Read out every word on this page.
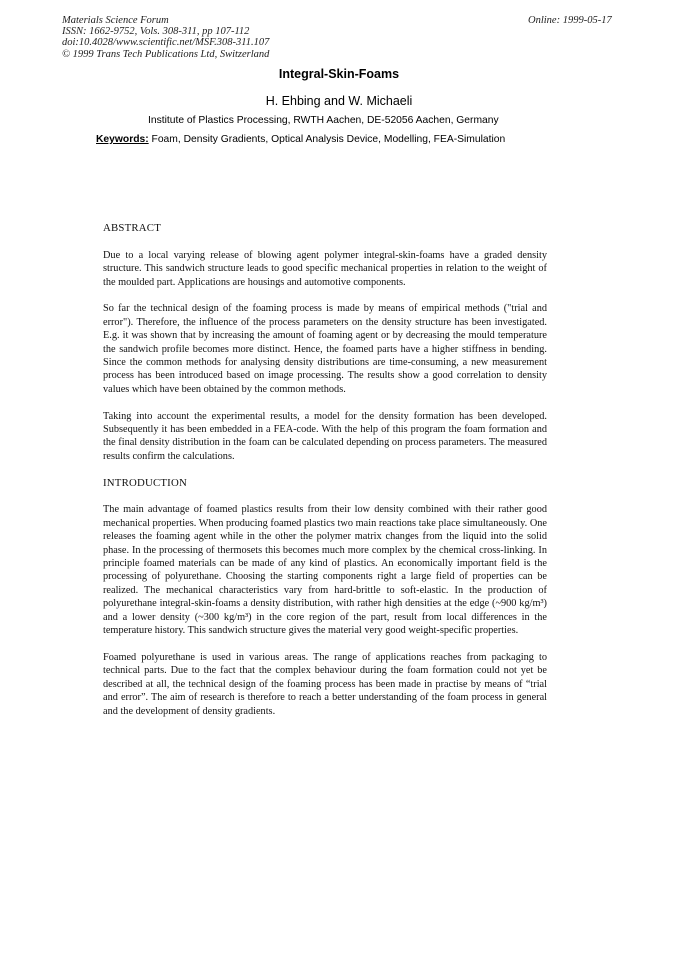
Materials Science Forum
ISSN: 1662-9752, Vols. 308-311, pp 107-112
doi:10.4028/www.scientific.net/MSF.308-311.107
© 1999 Trans Tech Publications Ltd, Switzerland
Online: 1999-05-17
Integral-Skin-Foams
H. Ehbing and W. Michaeli
Institute of Plastics Processing, RWTH Aachen, DE-52056 Aachen, Germany
Keywords: Foam, Density Gradients, Optical Analysis Device, Modelling, FEA-Simulation
ABSTRACT

Due to a local varying release of blowing agent polymer integral-skin-foams have a graded density structure. This sandwich structure leads to good specific mechanical properties in relation to the weight of the moulded part. Applications are housings and automotive components.

So far the technical design of the foaming process is made by means of empirical methods ("trial and error"). Therefore, the influence of the process parameters on the density structure has been investigated. E.g. it was shown that by increasing the amount of foaming agent or by decreasing the mould temperature the sandwich profile becomes more distinct. Hence, the foamed parts have a higher stiffness in bending. Since the common methods for analysing density distributions are time-consuming, a new measurement process has been introduced based on image processing. The results show a good correlation to density values which have been obtained by the common methods.

Taking into account the experimental results, a model for the density formation has been developed. Subsequently it has been embedded in a FEA-code. With the help of this program the foam formation and the final density distribution in the foam can be calculated depending on process parameters. The measured results confirm the calculations.

INTRODUCTION

The main advantage of foamed plastics results from their low density combined with their rather good mechanical properties. When producing foamed plastics two main reactions take place simultaneously. One releases the foaming agent while in the other the polymer matrix changes from the liquid into the solid phase. In the processing of thermosets this becomes much more complex by the chemical cross-linking. In principle foamed materials can be made of any kind of plastics. An economically important field is the processing of polyurethane. Choosing the starting components right a large field of properties can be realized. The mechanical characteristics vary from hard-brittle to soft-elastic. In the production of polyurethane integral-skin-foams a density distribution, with rather high densities at the edge (~900 kg/m³) and a lower density (~300 kg/m³) in the core region of the part, result from local differences in the temperature history. This sandwich structure gives the material very good weight-specific properties.

Foamed polyurethane is used in various areas. The range of applications reaches from packaging to technical parts. Due to the fact that the complex behaviour during the foam formation could not yet be described at all, the technical design of the foaming process has been made in practise by means of “trial and error”. The aim of research is therefore to reach a better understanding of the foam process in general and the development of density gradients.
